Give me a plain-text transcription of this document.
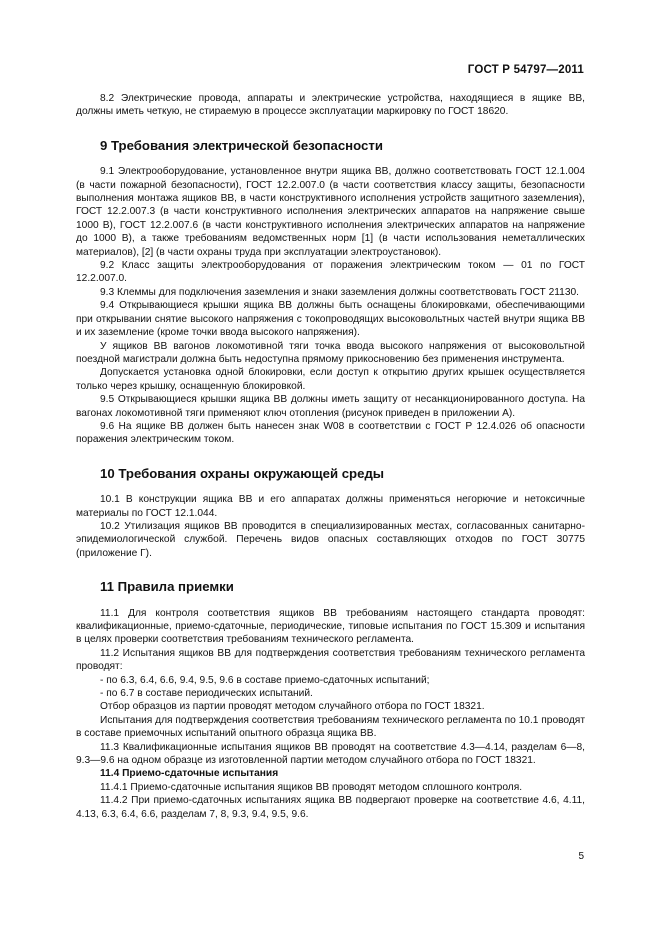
ГОСТ Р 54797—2011

8.2 Электрические провода, аппараты и электрические устройства, находящиеся в ящике ВВ, должны иметь четкую, не стираемую в процессе эксплуатации маркировку по ГОСТ 18620.

9 Требования электрической безопасности

9.1 Электрооборудование, установленное внутри ящика ВВ, должно соответствовать ГОСТ 12.1.004 (в части пожарной безопасности), ГОСТ 12.2.007.0 (в части соответствия классу защиты, безопасности выполнения монтажа ящиков ВВ, в части конструктивного исполнения устройств защитного заземления), ГОСТ 12.2.007.3 (в части конструктивного исполнения электрических аппаратов на напряжение свыше 1000 В), ГОСТ 12.2.007.6 (в части конструктивного исполнения электрических аппаратов на напряжение до 1000 В), а также требованиям ведомственных норм [1] (в части использования неметаллических материалов), [2] (в части охраны труда при эксплуатации электроустановок).

9.2 Класс защиты электрооборудования от поражения электрическим током — 01 по ГОСТ 12.2.007.0.

9.3 Клеммы для подключения заземления и знаки заземления должны соответствовать ГОСТ 21130.

9.4 Открывающиеся крышки ящика ВВ должны быть оснащены блокировками, обеспечивающими при открывании снятие высокого напряжения с токопроводящих высоковольтных частей внутри ящика ВВ и их заземление (кроме точки ввода высокого напряжения).

У ящиков ВВ вагонов локомотивной тяги точка ввода высокого напряжения от высоковольтной поездной магистрали должна быть недоступна прямому прикосновению без применения инструмента.

Допускается установка одной блокировки, если доступ к открытию других крышек осуществляется только через крышку, оснащенную блокировкой.

9.5 Открывающиеся крышки ящика ВВ должны иметь защиту от несанкционированного доступа. На вагонах локомотивной тяги применяют ключ отопления (рисунок приведен в приложении А).

9.6 На ящике ВВ должен быть нанесен знак W08 в соответствии с ГОСТ Р 12.4.026 об опасности поражения электрическим током.

10 Требования охраны окружающей среды

10.1 В конструкции ящика ВВ и его аппаратах должны применяться негорючие и нетоксичные материалы по ГОСТ 12.1.044.

10.2 Утилизация ящиков ВВ проводится в специализированных местах, согласованных санитарно-эпидемиологической службой. Перечень видов опасных составляющих отходов по ГОСТ 30775 (приложение Г).

11 Правила приемки

11.1 Для контроля соответствия ящиков ВВ требованиям настоящего стандарта проводят: квалификационные, приемо-сдаточные, периодические, типовые испытания по ГОСТ 15.309 и испытания в целях проверки соответствия требованиям технического регламента.

11.2 Испытания ящиков ВВ для подтверждения соответствия требованиям технического регламента проводят:

- по 6.3, 6.4, 6.6, 9.4, 9.5, 9.6 в составе приемо-сдаточных испытаний;
- по 6.7 в составе периодических испытаний.

Отбор образцов из партии проводят методом случайного отбора по ГОСТ 18321.

Испытания для подтверждения соответствия требованиям технического регламента по 10.1 проводят в составе приемочных испытаний опытного образца ящика ВВ.

11.3 Квалификационные испытания ящиков ВВ проводят на соответствие 4.3—4.14, разделам 6—8, 9.3—9.6 на одном образце из изготовленной партии методом случайного отбора по ГОСТ 18321.

11.4 Приемо-сдаточные испытания

11.4.1 Приемо-сдаточные испытания ящиков ВВ проводят методом сплошного контроля.

11.4.2 При приемо-сдаточных испытаниях ящика ВВ подвергают проверке на соответствие 4.6, 4.11, 4.13, 6.3, 6.4, 6.6, разделам 7, 8, 9.3, 9.4, 9.5, 9.6.

5
